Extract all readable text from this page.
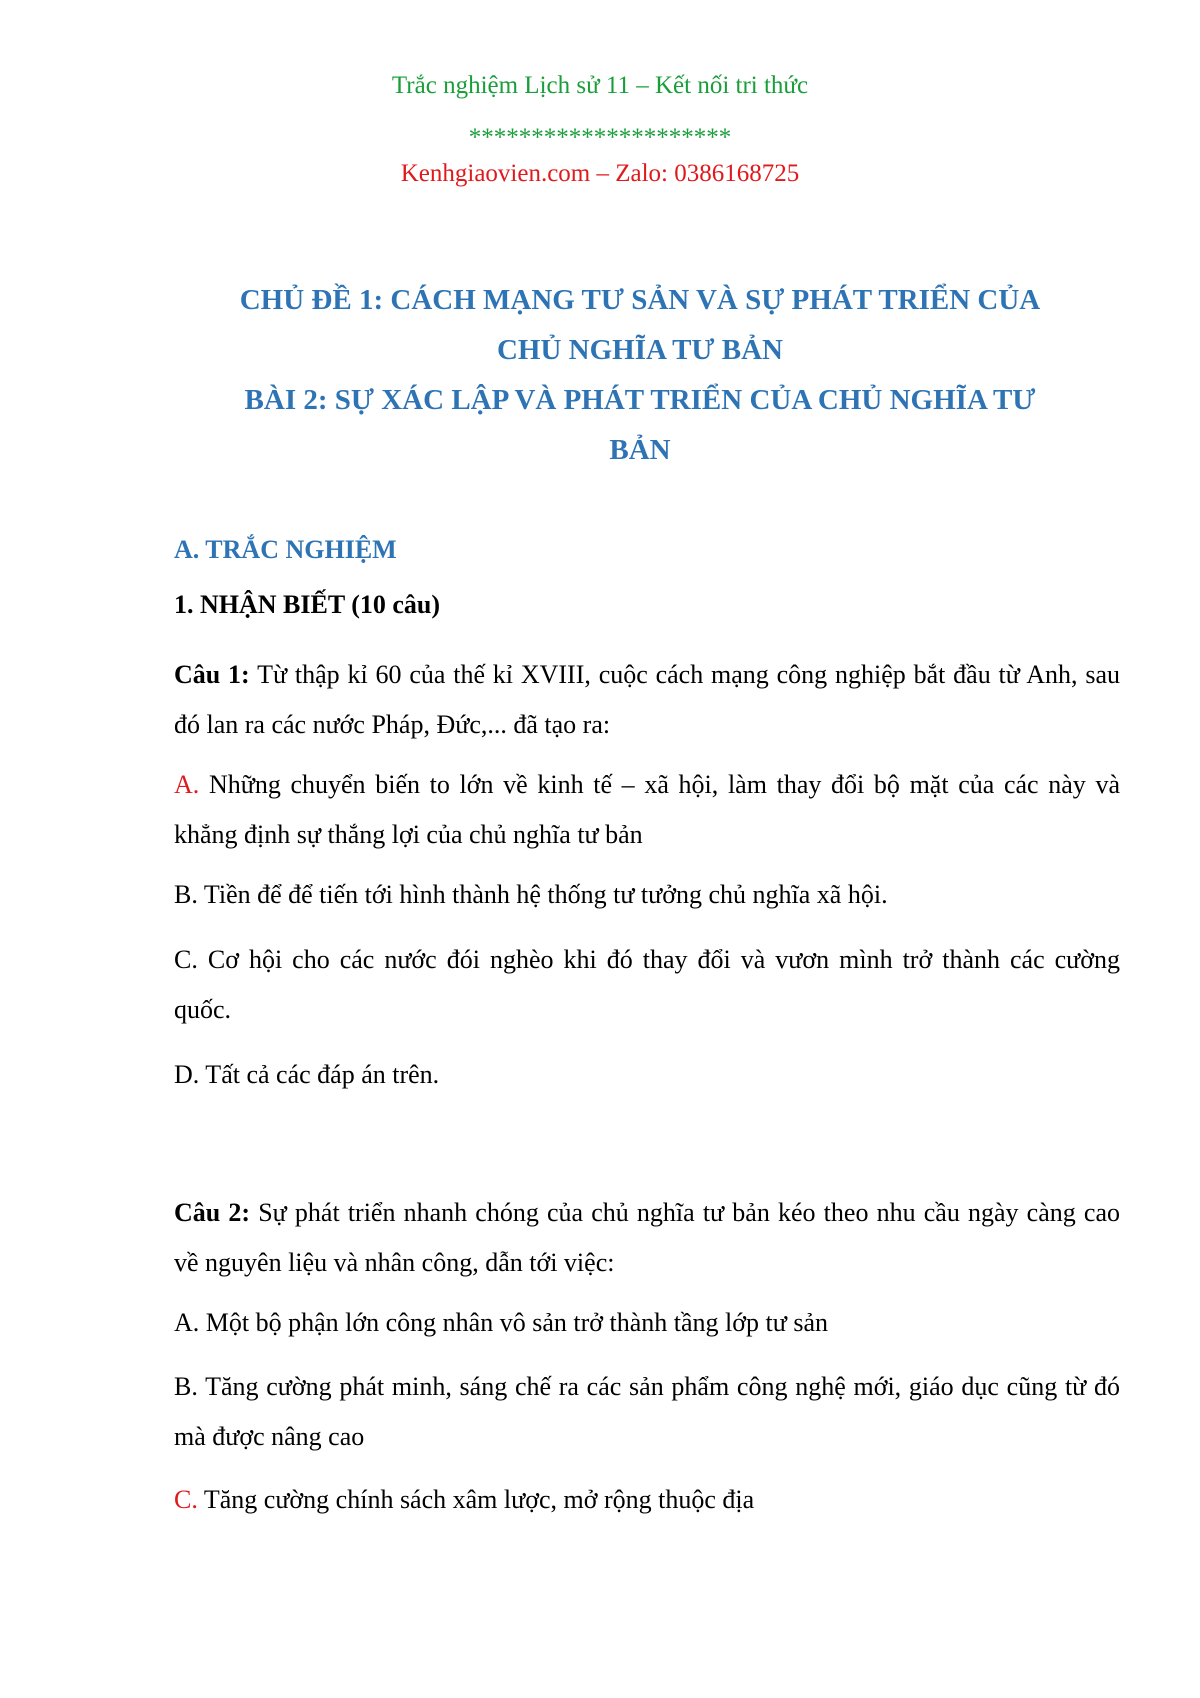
Trắc nghiệm Lịch sử 11 – Kết nối tri thức
*********************
Kenhgiaovien.com – Zalo: 0386168725
CHỦ ĐỀ 1: CÁCH MẠNG TƯ SẢN VÀ SỰ PHÁT TRIỂN CỦA
CHỦ NGHĨA TƯ BẢN
BÀI 2: SỰ XÁC LẬP VÀ PHÁT TRIỂN CỦA CHỦ NGHĨA TƯ
BẢN
A. TRẮC NGHIỆM
1. NHẬN BIẾT (10 câu)
Câu 1: Từ thập kỉ 60 của thế kỉ XVIII, cuộc cách mạng công nghiệp bắt đầu từ Anh, sau đó lan ra các nước Pháp, Đức,... đã tạo ra:
A. Những chuyển biến to lớn về kinh tế – xã hội, làm thay đổi bộ mặt của các này và khẳng định sự thắng lợi của chủ nghĩa tư bản
B. Tiền để để tiến tới hình thành hệ thống tư tưởng chủ nghĩa xã hội.
C. Cơ hội cho các nước đói nghèo khi đó thay đổi và vươn mình trở thành các cường quốc.
D. Tất cả các đáp án trên.
Câu 2: Sự phát triển nhanh chóng của chủ nghĩa tư bản kéo theo nhu cầu ngày càng cao về nguyên liệu và nhân công, dẫn tới việc:
A. Một bộ phận lớn công nhân vô sản trở thành tầng lớp tư sản
B. Tăng cường phát minh, sáng chế ra các sản phẩm công nghệ mới, giáo dục cũng từ đó mà được nâng cao
C. Tăng cường chính sách xâm lược, mở rộng thuộc địa
